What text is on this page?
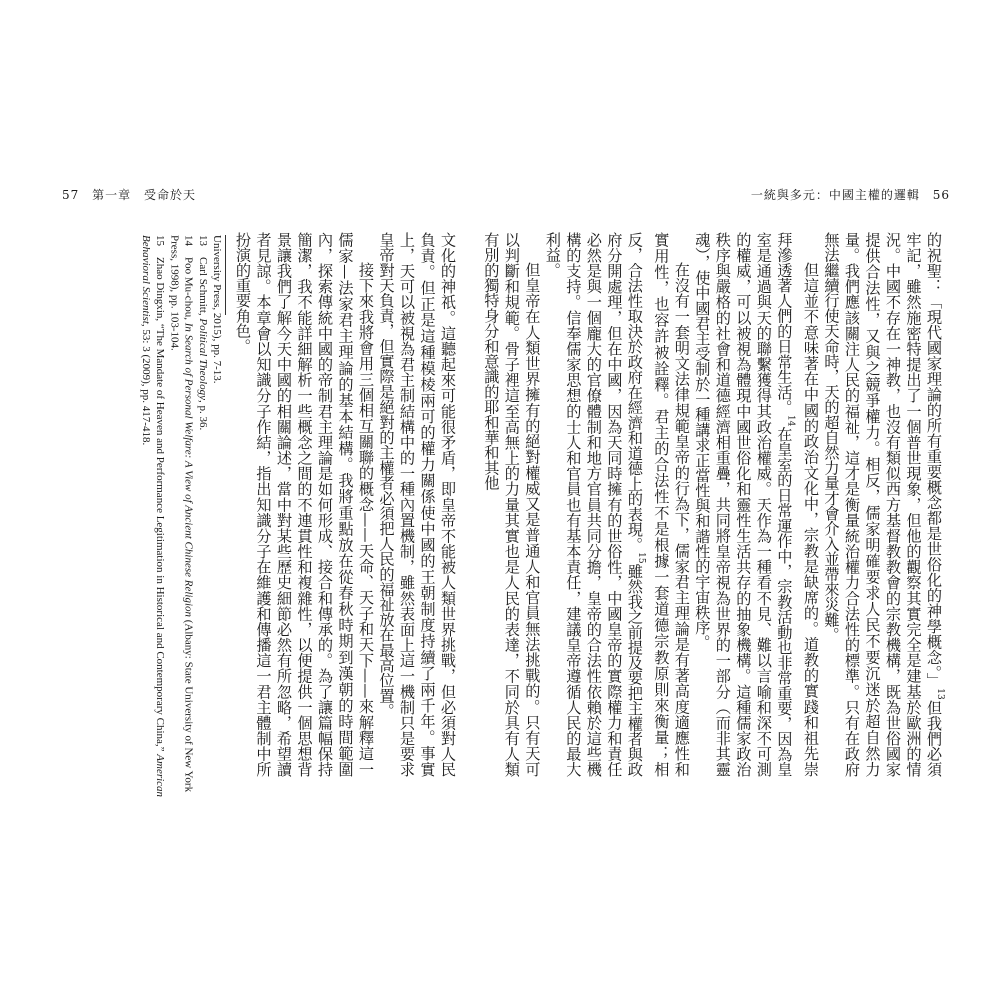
57 第一章 受命於天	一統與多元：中國主權的邏輯 56

的祝聖：「現代國家理論的所有重要概念都是世俗化的神學概念。」$^{13}$但我們必須牢記，雖然施密特提出了一個普世現象，但他的觀察其實完全是建基於歐洲的情況。中國不存在一神教，也沒有類似西方基督教教會的宗教機構，既為世俗國家提供合法性，又與之競爭權力。相反，儒家明確要求人民不要沉迷於超自然力量。我們應該關注人民的福祉，這才是衡量統治權力合法性的標準。只有在政府無法繼續行使天命時，天的超自然力量才會介入並帶來災難。

但這並不意味著在中國的政治文化中，宗教是缺席的。道教的實踐和祖先崇拜滲透著人們的日常生活。$^{14}$在皇室的日常運作中，宗教活動也非常重要，因為皇室是通過與天的聯繫獲得其政治權威。天作為一種看不見、難以言喻和深不可測的權威，可以被視為體現中國世俗化和靈性生活共存的抽象機構。這種儒家政治秩序與嚴格的社會和道德經濟相重疊，共同將皇帝視為世界的一部分（而非其靈魂），使中國君主受制於一種講求正當性與和諧性的宇宙秩序。

在沒有一套明文法律規範皇帝的行為下，儒家君主理論是有著高度適應性和實用性，也容許被詮釋。君主的合法性不是根據一套道德宗教原則來衡量；相反，合法性取決於政府在經濟和道德上的表現。$^{15}$雖然我之前提及要把主權者與政府分開處理，但在中國，因為天同時擁有的世俗性，中國皇帝的實際權力和責任必然是與一個龐大的官僚體制和地方官員共同分擔，皇帝的合法性依賴於這些機構的支持。信奉儒家思想的士人和官員也有基本責任，建議皇帝遵循人民的最大利益。

但皇帝在人類世界擁有的絕對權威又是普通人和官員無法挑戰的。只有天可以判斷和規範。骨子裡這至高無上的力量其實也是人民的表達，不同於具有人類有別的獨特身分和意識的耶和華和其他

文化的神祇。這聽起來可能很矛盾，即皇帝不能被人類世界挑戰，但必須對人民負責。但正是這種模棱兩可的權力關係使中國的王朝制度持續了兩千年。事實上，天可以被視為君主制結構中的一種內置機制，雖然表面上這一機制只是要求皇帝對天負責，但實際是絕對的主權者必須把人民的福祉放在最高位置。

接下來我將會用三個相互關聯的概念——天命、天子和天下——來解釋這一儒家—法家君主理論的基本結構。我將重點放在從春秋時期到漢朝的時間範圍內，探索傳統中國的帝制君主理論是如何形成、接合和傳承的。為了讓篇幅保持簡潔，我不能詳細解析一些概念之間的不連貫性和複雜性，以便提供一個思想背景讓我們了解今天中國的相關論述，當中對某些歷史細節必然有所忽略，希望讀者見諒。本章會以知識分子作結，指出知識分子在維護和傳播這一君主體制中所扮演的重要角色。

University Press, 2015), pp. 7-13.
13　Carl Schmitt, Political Theology, p. 36.
14　Poo Mu-chou, In Search of Personal Welfare: A View of Ancient Chinese Religion (Albany: State University of New York Press, 1998), pp. 103-104.
15　Zhao Dingxin, “The Mandate of Heaven and Performance Legitimation in Historical and Contemporary China,” American Behavioral Scientist, 53: 3 (2009), pp. 417-418.
